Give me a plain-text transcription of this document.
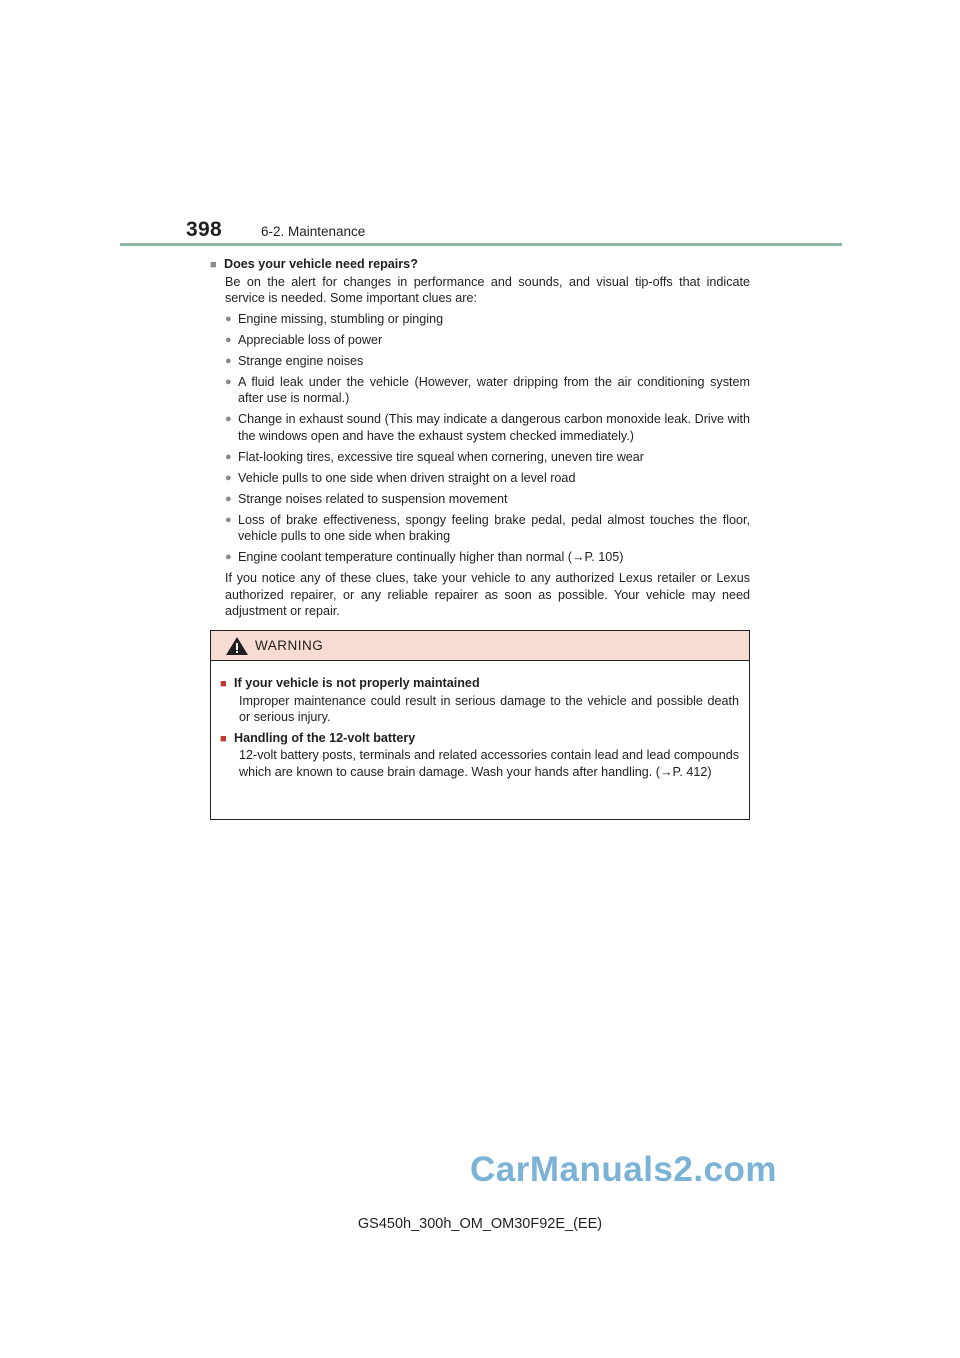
398	6-2. Maintenance
■ Does your vehicle need repairs?
Be on the alert for changes in performance and sounds, and visual tip-offs that indicate service is needed. Some important clues are:
● Engine missing, stumbling or pinging
● Appreciable loss of power
● Strange engine noises
● A fluid leak under the vehicle (However, water dripping from the air conditioning system after use is normal.)
● Change in exhaust sound (This may indicate a dangerous carbon monoxide leak. Drive with the windows open and have the exhaust system checked immediately.)
● Flat-looking tires, excessive tire squeal when cornering, uneven tire wear
● Vehicle pulls to one side when driven straight on a level road
● Strange noises related to suspension movement
● Loss of brake effectiveness, spongy feeling brake pedal, pedal almost touches the floor, vehicle pulls to one side when braking
● Engine coolant temperature continually higher than normal (→P. 105)
If you notice any of these clues, take your vehicle to any authorized Lexus retailer or Lexus authorized repairer, or any reliable repairer as soon as possible. Your vehicle may need adjustment or repair.
WARNING
■ If your vehicle is not properly maintained
Improper maintenance could result in serious damage to the vehicle and possible death or serious injury.
■ Handling of the 12-volt battery
12-volt battery posts, terminals and related accessories contain lead and lead compounds which are known to cause brain damage. Wash your hands after handling. (→P. 412)
CarManuals2.com
GS450h_300h_OM_OM30F92E_(EE)
